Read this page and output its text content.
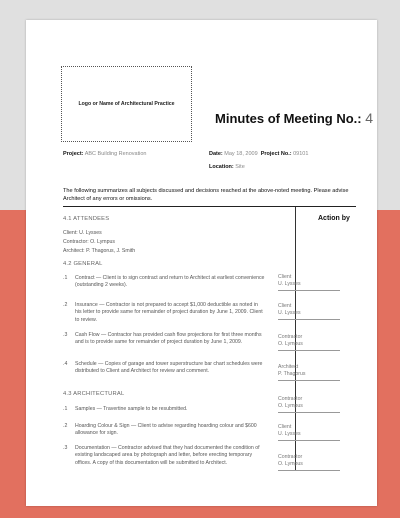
Logo or Name of Architectural Practice
Minutes of Meeting No.: 4
Project: ABC Building Renovation	Date: May 18, 2009 Project No.: 09101
Location: Site
The following summarizes all subjects discussed and decisions reached at the above-noted meeting. Please advise Architect of any errors or omissions.
Action by
4.1 ATTENDEES
Client: U. Lysses
Contractor: O. Lympus
Architect: P. Thagorus, J. Smith
4.2 GENERAL
.1	Contract — Client is to sign contract and return to Architect at earliest convenience (outstanding 2 weeks).
Client
U. Lysses
.2	Insurance — Contractor is not prepared to accept $1,000 deductible as noted in his letter to provide same for remainder of project duration by June 1, 2009. Client to review.
Client
U. Lysses
.3	Cash Flow — Contractor has provided cash flow projections for first three months and is to provide same for remainder of project duration by June 1, 2009.
Contractor
O. Lympus
.4	Schedule — Copies of garage and tower superstructure bar chart schedules were distributed to Client and Architect for review and comment.
Architect
P. Thagorus
4.3 ARCHITECTURAL
.1	Samples — Travertine sample to be resubmitted.
Contractor
O. Lympus
.2	Hoarding Colour & Sign — Client to advise regarding hoarding colour and $600 allowance for sign.
Client
U. Lysses
.3	Documentation — Contractor advised that they had documented the condition of existing landscaped area by photograph and letter, before erecting temporary offices. A copy of this documentation will be submitted to Architect.
Contractor
O. Lympus
